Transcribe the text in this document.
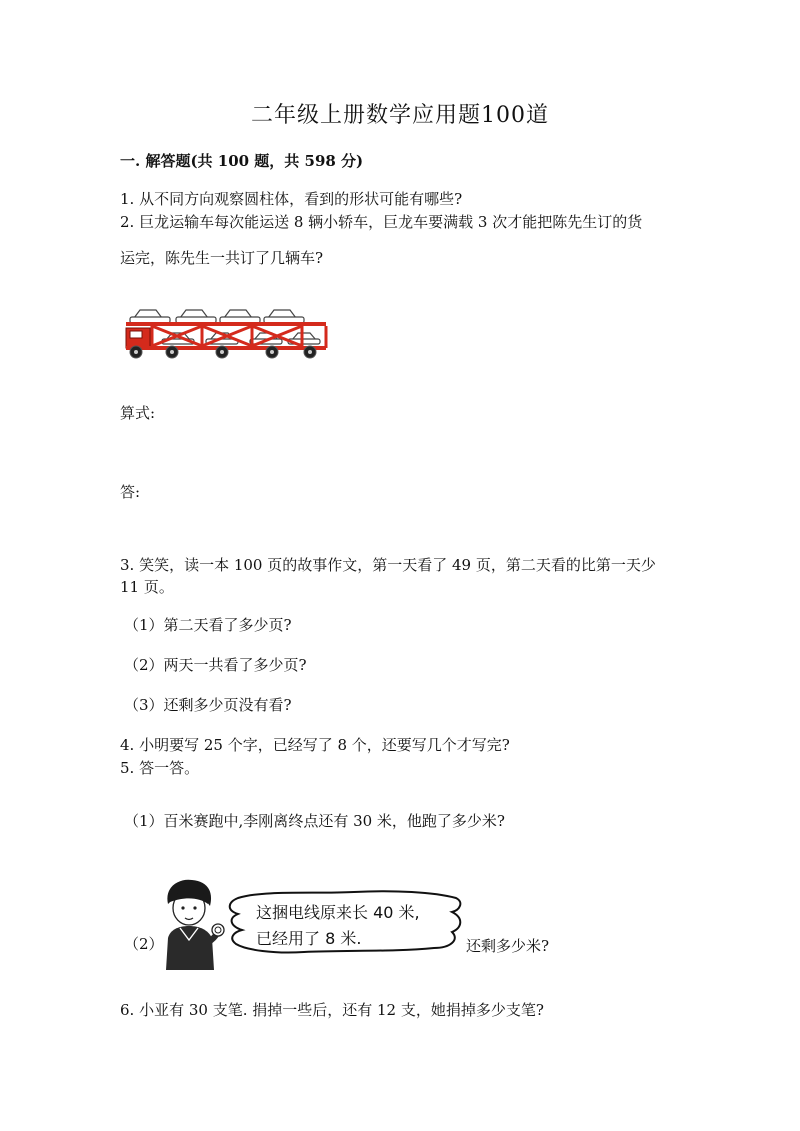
二年级上册数学应用题100道
一. 解答题(共 100 题，共 598 分)
1. 从不同方向观察圆柱体，看到的形状可能有哪些?
2. 巨龙运输车每次能运送 8 辆小轿车，巨龙车要满载 3 次才能把陈先生订的货
运完，陈先生一共订了几辆车?
算式:
答:
3. 笑笑，读一本 100 页的故事作文，第一天看了 49 页，第二天看的比第一天少
11 页。
（1）第二天看了多少页?
（2）两天一共看了多少页?
（3）还剩多少页没有看?
4. 小明要写 25 个字，已经写了 8 个，还要写几个才写完?
5. 答一答。
（1）百米赛跑中,李刚离终点还有 30 米，他跑了多少米?
（2）
这捆电线原来长 40 米,
已经用了 8 米.	还剩多少米?
6. 小亚有 30 支笔. 捐掉一些后，还有 12 支，她捐掉多少支笔?
